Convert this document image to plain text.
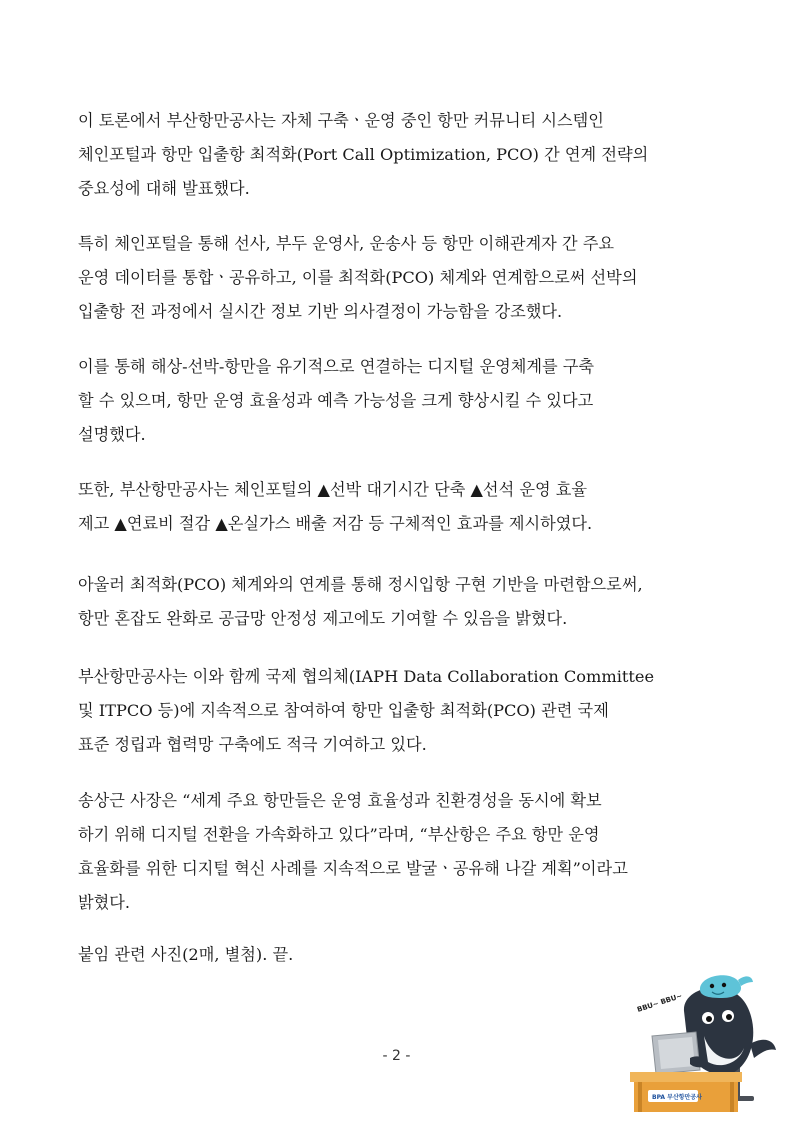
이 토론에서 부산항만공사는 자체 구축ㆍ운영 중인 항만 커뮤니티 시스템인
체인포털과 항만 입출항 최적화(Port Call Optimization, PCO) 간 연계 전략의
중요성에 대해 발표했다.

특히 체인포털을 통해 선사, 부두 운영사, 운송사 등 항만 이해관계자 간 주요
운영 데이터를 통합ㆍ공유하고, 이를 최적화(PCO) 체계와 연계함으로써 선박의
입출항 전 과정에서 실시간 정보 기반 의사결정이 가능함을 강조했다.

이를 통해 해상-선박-항만을 유기적으로 연결하는 디지털 운영체계를 구축
할 수 있으며, 항만 운영 효율성과 예측 가능성을 크게 향상시킬 수 있다고
설명했다.

또한, 부산항만공사는 체인포털의 ▲선박 대기시간 단축 ▲선석 운영 효율
제고 ▲연료비 절감 ▲온실가스 배출 저감 등 구체적인 효과를 제시하였다.

아울러 최적화(PCO) 체계와의 연계를 통해 정시입항 구현 기반을 마련함으로써,
항만 혼잡도 완화로 공급망 안정성 제고에도 기여할 수 있음을 밝혔다.

부산항만공사는 이와 함께 국제 협의체(IAPH Data Collaboration Committee
및 ITPCO 등)에 지속적으로 참여하여 항만 입출항 최적화(PCO) 관련 국제
표준 정립과 협력망 구축에도 적극 기여하고 있다.

송상근 사장은 “세계 주요 항만들은 운영 효율성과 친환경성을 동시에 확보
하기 위해 디지털 전환을 가속화하고 있다”라며, “부산항은 주요 항만 운영
효율화를 위한 디지털 혁신 사례를 지속적으로 발굴ㆍ공유해 나갈 계획”이라고
밝혔다.

붙임 관련 사진(2매, 별첨). 끝.

- 2 -
BBU~ BBU~
BPA 부산항만공사
